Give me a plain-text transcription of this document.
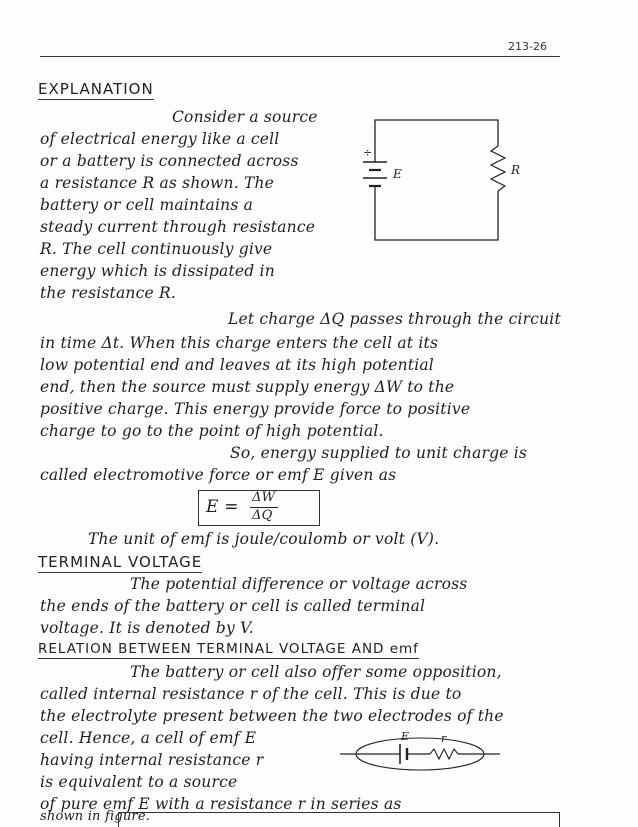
213-26
EXPLANATION
Consider a source
of electrical energy like a cell
or a battery is connected across
a resistance R as shown. The
battery or cell maintains a
steady current through resistance
R. The cell continuously give
energy which is dissipated in
the resistance R.
÷
E	R
Let charge ΔQ passes through the circuit
in time Δt. When this charge enters the cell at its
low potential end and leaves at its high potential
end, then the source must supply energy ΔW to the
positive charge. This energy provide force to positive
charge to go to the point of high potential.
So, energy supplied to unit charge is
called electromotive force or emf E given as
E = ΔW
ΔQ
The unit of emf is joule/coulomb or volt (V).
TERMINAL VOLTAGE
The potential difference or voltage across
the ends of the battery or cell is called terminal
voltage. It is denoted by V.
RELATION BETWEEN TERMINAL VOLTAGE AND emf
The battery or cell also offer some opposition,
called internal resistance r of the cell. This is due to
the electrolyte present between the two electrodes of the
cell. Hence, a cell of emf E
having internal resistance r
is equivalent to a source
of pure emf E with a resistance r in series as
shown in figure.
E	r
